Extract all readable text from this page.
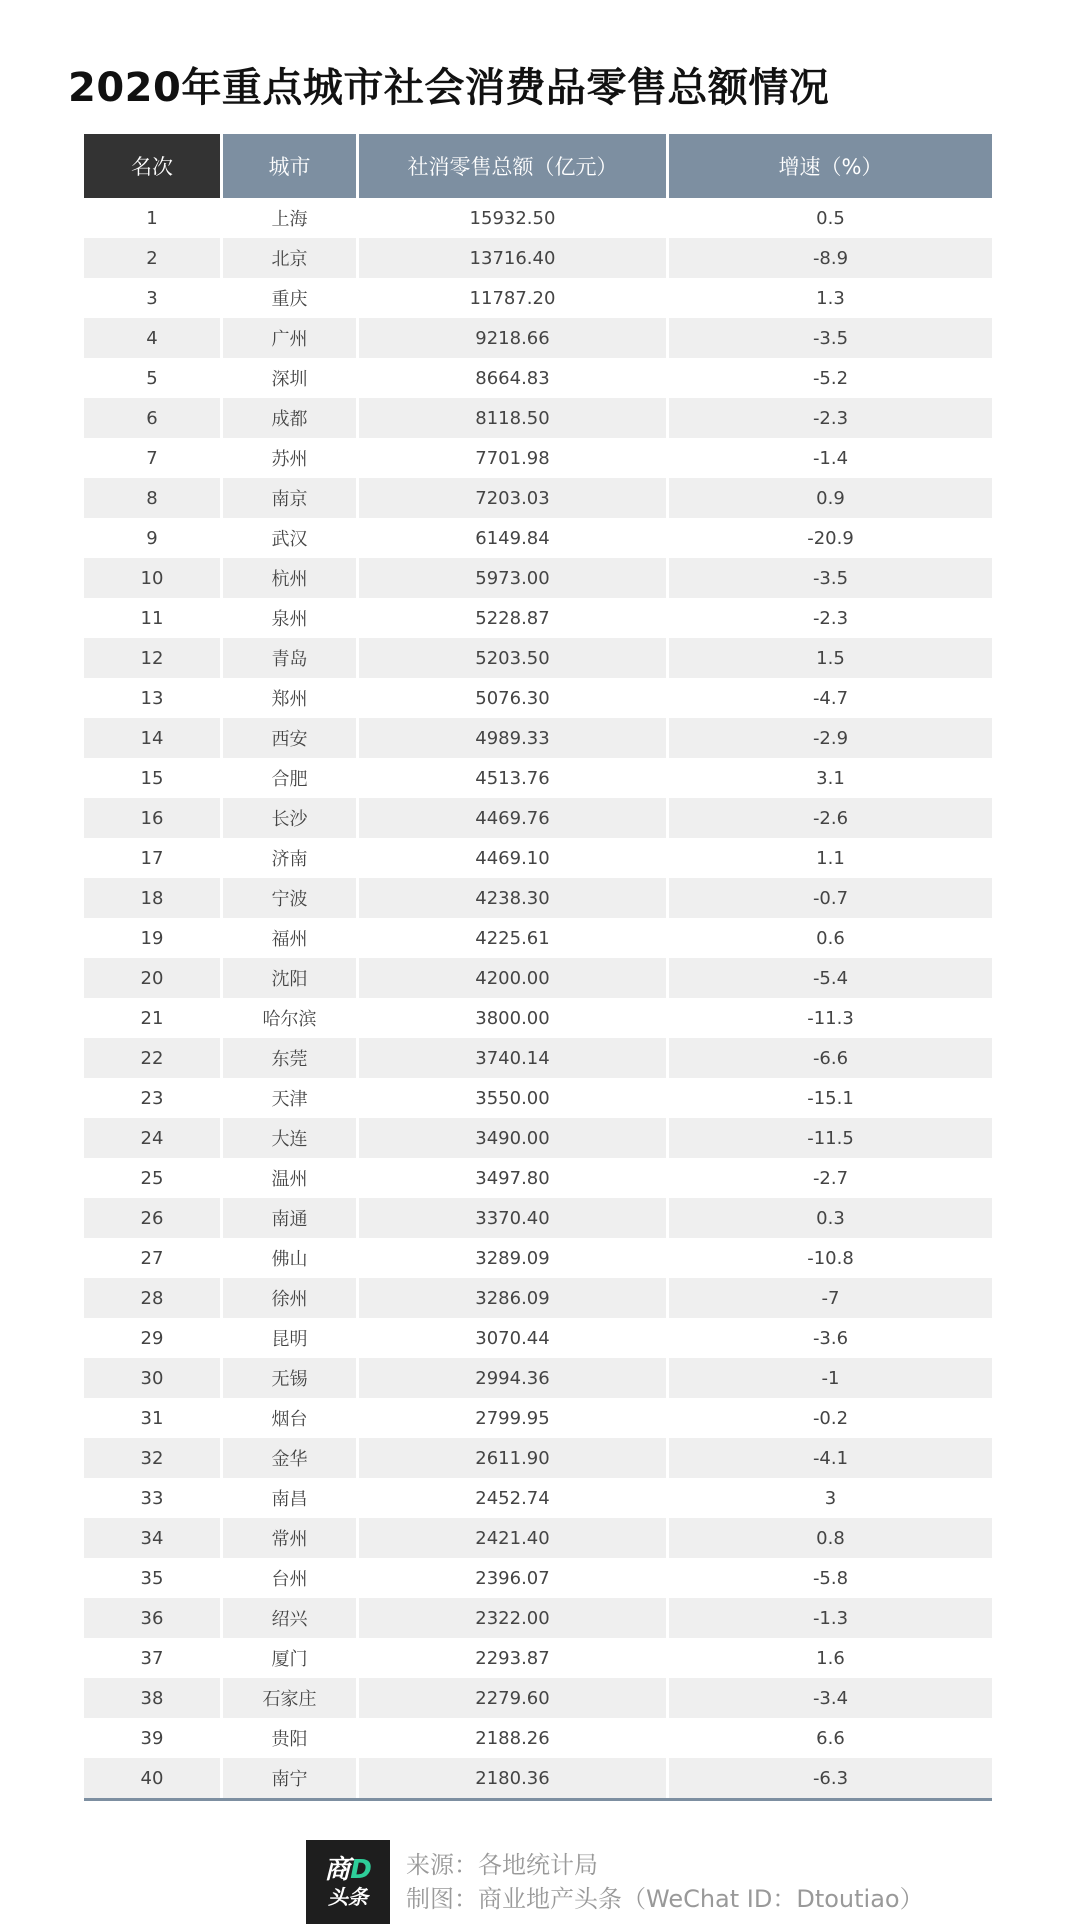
2020年重点城市社会消费品零售总额情况
名次	城市	社消零售总额（亿元）	增速（%）
1	上海	15932.50	0.5
2	北京	13716.40	-8.9
3	重庆	11787.20	1.3
4	广州	9218.66	-3.5
5	深圳	8664.83	-5.2
6	成都	8118.50	-2.3
7	苏州	7701.98	-1.4
8	南京	7203.03	0.9
9	武汉	6149.84	-20.9
10	杭州	5973.00	-3.5
11	泉州	5228.87	-2.3
12	青岛	5203.50	1.5
13	郑州	5076.30	-4.7
14	西安	4989.33	-2.9
15	合肥	4513.76	3.1
16	长沙	4469.76	-2.6
17	济南	4469.10	1.1
18	宁波	4238.30	-0.7
19	福州	4225.61	0.6
20	沈阳	4200.00	-5.4
21	哈尔滨	3800.00	-11.3
22	东莞	3740.14	-6.6
23	天津	3550.00	-15.1
24	大连	3490.00	-11.5
25	温州	3497.80	-2.7
26	南通	3370.40	0.3
27	佛山	3289.09	-10.8
28	徐州	3286.09	-7
29	昆明	3070.44	-3.6
30	无锡	2994.36	-1
31	烟台	2799.95	-0.2
32	金华	2611.90	-4.1
33	南昌	2452.74	3
34	常州	2421.40	0.8
35	台州	2396.07	-5.8
36	绍兴	2322.00	-1.3
37	厦门	2293.87	1.6
38	石家庄	2279.60	-3.4
39	贵阳	2188.26	6.6
40	南宁	2180.36	-6.3
商D
头条
来源：各地统计局
制图：商业地产头条（WeChat ID：Dtoutiao）
